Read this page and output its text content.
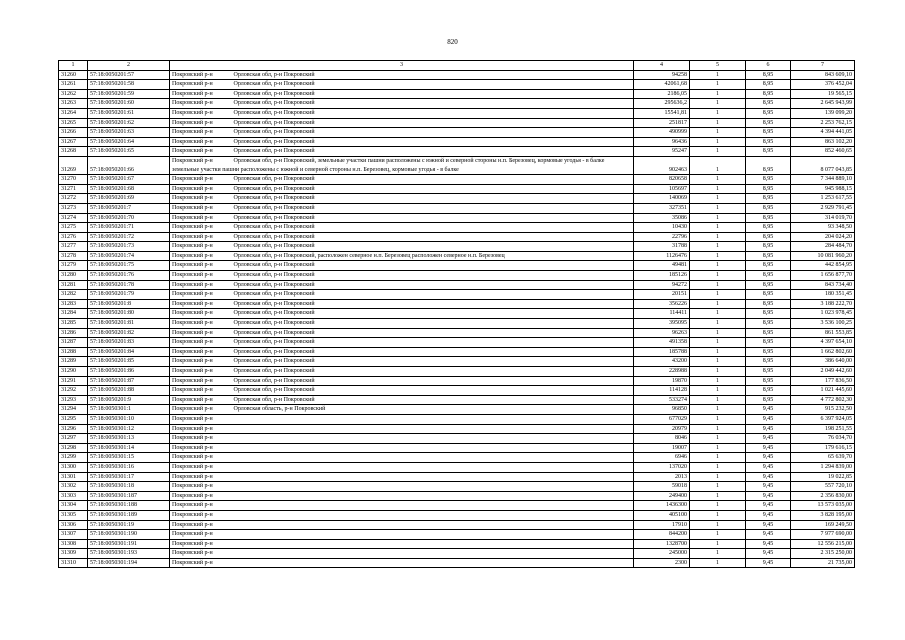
820
1	2	3	4	5	6	7
31260	57:18:0050201:57	Покровский р-н Орловская обл, р-н Покровский	94258	1	8,95	843 609,10
31261	57:18:0050201:58	Покровский р-н Орловская обл, р-н Покровский	42061,68	1	8,95	376 452,04
31262	57:18:0050201:59	Покровский р-н Орловская обл, р-н Покровский	2186,05	1	8,95	19 565,15
31263	57:18:0050201:60	Покровский р-н Орловская обл, р-н Покровский	295636,2	1	8,95	2 645 943,99
31264	57:18:0050201:61	Покровский р-н Орловская обл, р-н Покровский	15541,81	1	8,95	139 099,20
31265	57:18:0050201:62	Покровский р-н Орловская обл, р-н Покровский	251817	1	8,95	2 253 762,15
31266	57:18:0050201:63	Покровский р-н Орловская обл, р-н Покровский	490999	1	8,95	4 394 441,05
31267	57:18:0050201:64	Покровский р-н Орловская обл, р-н Покровский	96436	1	8,95	863 102,20
31268	57:18:0050201:65	Покровский р-н Орловская обл, р-н Покровский	95247	1	8,95	852 460,65
31269	57:18:0050201:66	Покровский р-н Орловская обл, р-н Покровский, земельные участки пашни расположены с южной и северной стороны н.п. Березовец, кормовые угодья - в балке земельные участки пашни расположены с южной и северной стороны н.п. Березовец, кормовые угодья - в балке	902463	1	8,95	8 077 043,85
31270	57:18:0050201:67	Покровский р-н Орловская обл, р-н Покровский	820658	1	8,95	7 344 889,10
31271	57:18:0050201:68	Покровский р-н Орловская обл, р-н Покровский	105697	1	8,95	945 988,15
31272	57:18:0050201:69	Покровский р-н Орловская обл, р-н Покровский	140069	1	8,95	1 253 617,55
31273	57:18:0050201:7	Покровский р-н Орловская обл, р-н Покровский	327351	1	8,95	2 929 791,45
31274	57:18:0050201:70	Покровский р-н Орловская обл, р-н Покровский	35086	1	8,95	314 019,70
31275	57:18:0050201:71	Покровский р-н Орловская обл, р-н Покровский	10430	1	8,95	93 348,50
31276	57:18:0050201:72	Покровский р-н Орловская обл, р-н Покровский	22796	1	8,95	204 024,20
31277	57:18:0050201:73	Покровский р-н Орловская обл, р-н Покровский	31788	1	8,95	284 484,70
31278	57:18:0050201:74	Покровский р-н Орловская обл, р-н Покровский, расположен северное н.п. Березовец расположен северное н.п. Березовец	1126476	1	8,95	10 081 960,20
31279	57:18:0050201:75	Покровский р-н Орловская обл, р-н Покровский	49481	1	8,95	442 854,95
31280	57:18:0050201:76	Покровский р-н Орловская обл, р-н Покровский	185126	1	8,95	1 656 877,70
31281	57:18:0050201:78	Покровский р-н Орловская обл, р-н Покровский	94272	1	8,95	843 734,40
31282	57:18:0050201:79	Покровский р-н Орловская обл, р-н Покровский	20151	1	8,95	180 351,45
31283	57:18:0050201:8	Покровский р-н Орловская обл, р-н Покровский	356226	1	8,95	3 188 222,70
31284	57:18:0050201:80	Покровский р-н Орловская обл, р-н Покровский	114411	1	8,95	1 023 978,45
31285	57:18:0050201:81	Покровский р-н Орловская обл, р-н Покровский	395095	1	8,95	3 536 100,25
31286	57:18:0050201:82	Покровский р-н Орловская обл, р-н Покровский	96263	1	8,95	861 553,85
31287	57:18:0050201:83	Покровский р-н Орловская обл, р-н Покровский	491358	1	8,95	4 397 654,10
31288	57:18:0050201:84	Покровский р-н Орловская обл, р-н Покровский	185788	1	8,95	1 662 802,60
31289	57:18:0050201:85	Покровский р-н Орловская обл, р-н Покровский	43200	1	8,95	386 640,00
31290	57:18:0050201:86	Покровский р-н Орловская обл, р-н Покровский	228988	1	8,95	2 049 442,60
31291	57:18:0050201:87	Покровский р-н Орловская обл, р-н Покровский	19870	1	8,95	177 836,50
31292	57:18:0050201:88	Покровский р-н Орловская обл, р-н Покровский	114128	1	8,95	1 021 445,60
31293	57:18:0050201:9	Покровский р-н Орловская обл, р-н Покровский	533274	1	8,95	4 772 802,30
31294	57:18:0050301:1	Покровский р-н Орловская область, р-н Покровский	96850	1	9,45	915 232,50
31295	57:18:0050301:10	Покровский р-н	677029	1	9,45	6 397 924,05
31296	57:18:0050301:12	Покровский р-н	20979	1	9,45	198 251,55
31297	57:18:0050301:13	Покровский р-н	8046	1	9,45	76 034,70
31298	57:18:0050301:14	Покровский р-н	19007	1	9,45	179 616,15
31299	57:18:0050301:15	Покровский р-н	6946	1	9,45	65 639,70
31300	57:18:0050301:16	Покровский р-н	137020	1	9,45	1 294 839,00
31301	57:18:0050301:17	Покровский р-н	2013	1	9,45	19 022,85
31302	57:18:0050301:18	Покровский р-н	59018	1	9,45	557 720,10
31303	57:18:0050301:187	Покровский р-н	249400	1	9,45	2 356 830,00
31304	57:18:0050301:188	Покровский р-н	1436300	1	9,45	13 573 035,00
31305	57:18:0050301:189	Покровский р-н	405100	1	9,45	3 828 195,00
31306	57:18:0050301:19	Покровский р-н	17910	1	9,45	169 249,50
31307	57:18:0050301:190	Покровский р-н	844200	1	9,45	7 977 690,00
31308	57:18:0050301:191	Покровский р-н	1328700	1	9,45	12 556 215,00
31309	57:18:0050301:193	Покровский р-н	245000	1	9,45	2 315 250,00
31310	57:18:0050301:194	Покровский р-н	2300	1	9,45	21 735,00
